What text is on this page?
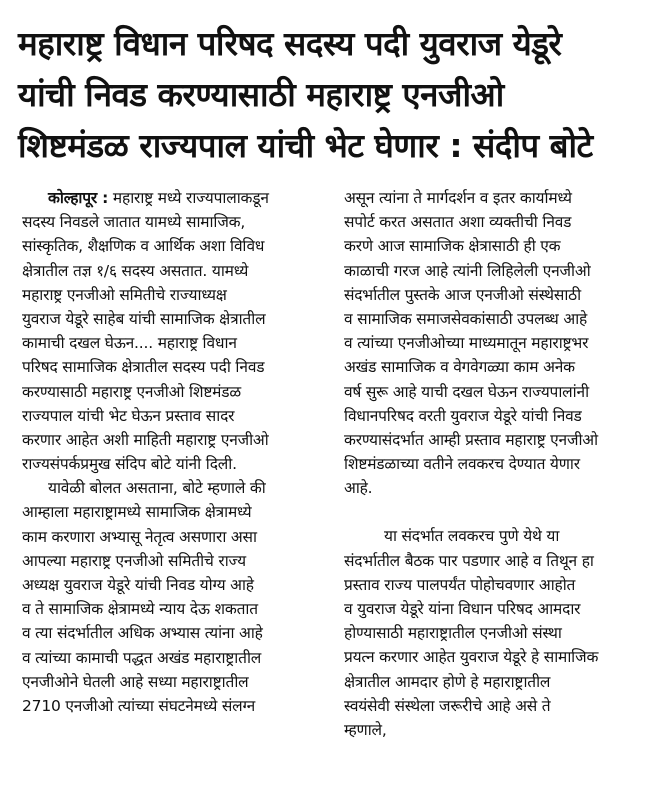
महाराष्ट्र विधान परिषद सदस्य पदी युवराज येडूरे
यांची निवड करण्यासाठी महाराष्ट्र एनजीओ
शिष्टमंडळ राज्यपाल यांची भेट घेणार : संदीप बोटे
कोल्हापूर : महाराष्ट्र मध्ये राज्यपालाकडून
सदस्य निवडले जातात यामध्ये सामाजिक,
सांस्कृतिक, शैक्षणिक व आर्थिक अशा विविध
क्षेत्रातील तज्ञ १/६ सदस्य असतात. यामध्ये
महाराष्ट्र एनजीओ समितीचे राज्याध्यक्ष
युवराज येडूरे साहेब यांची सामाजिक क्षेत्रातील
कामाची दखल घेऊन.... महाराष्ट्र विधान
परिषद सामाजिक क्षेत्रातील सदस्य पदी निवड
करण्यासाठी महाराष्ट्र एनजीओ शिष्टमंडळ
राज्यपाल यांची भेट घेऊन प्रस्ताव सादर
करणार आहेत अशी माहिती महाराष्ट्र एनजीओ
राज्यसंपर्कप्रमुख संदिप बोटे यांनी दिली.
यावेळी बोलत असताना, बोटे म्हणाले की
आम्हाला महाराष्ट्रामध्ये सामाजिक क्षेत्रामध्ये
काम करणारा अभ्यासू नेतृत्व असणारा असा
आपल्या महाराष्ट्र एनजीओ समितीचे राज्य
अध्यक्ष युवराज येडूरे यांची निवड योग्य आहे
व ते सामाजिक क्षेत्रामध्ये न्याय देऊ शकतात
व त्या संदर्भातील अधिक अभ्यास त्यांना आहे
व त्यांच्या कामाची पद्धत अखंड महाराष्ट्रातील
एनजीओने घेतली आहे सध्या महाराष्ट्रातील
2710 एनजीओ त्यांच्या संघटनेमध्ये संलग्न
असून त्यांना ते मार्गदर्शन व इतर कार्यामध्ये
सपोर्ट करत असतात अशा व्यक्तीची निवड
करणे आज सामाजिक क्षेत्रासाठी ही एक
काळाची गरज आहे त्यांनी लिहिलेली एनजीओ
संदर्भातील पुस्तके आज एनजीओ संस्थेसाठी
व सामाजिक समाजसेवकांसाठी उपलब्ध आहे
व त्यांच्या एनजीओच्या माध्यमातून महाराष्ट्रभर
अखंड सामाजिक व वेगवेगळ्या काम अनेक
वर्ष सुरू आहे याची दखल घेऊन राज्यपालांनी
विधानपरिषद वरती युवराज येडूरे यांची निवड
करण्यासंदर्भात आम्ही प्रस्ताव महाराष्ट्र एनजीओ
शिष्टमंडळाच्या वतीने लवकरच देण्यात येणार
आहे.
या संदर्भात लवकरच पुणे येथे या
संदर्भातील बैठक पार पडणार आहे व तिथून हा
प्रस्ताव राज्य पालपर्यंत पोहोचवणार आहोत
व युवराज येडूरे यांना विधान परिषद आमदार
होण्यासाठी महाराष्ट्रातील एनजीओ संस्था
प्रयत्न करणार आहेत युवराज येडूरे हे सामाजिक
क्षेत्रातील आमदार होणे हे महाराष्ट्रातील
स्वयंसेवी संस्थेला जरूरीचे आहे असे ते
म्हणाले,
